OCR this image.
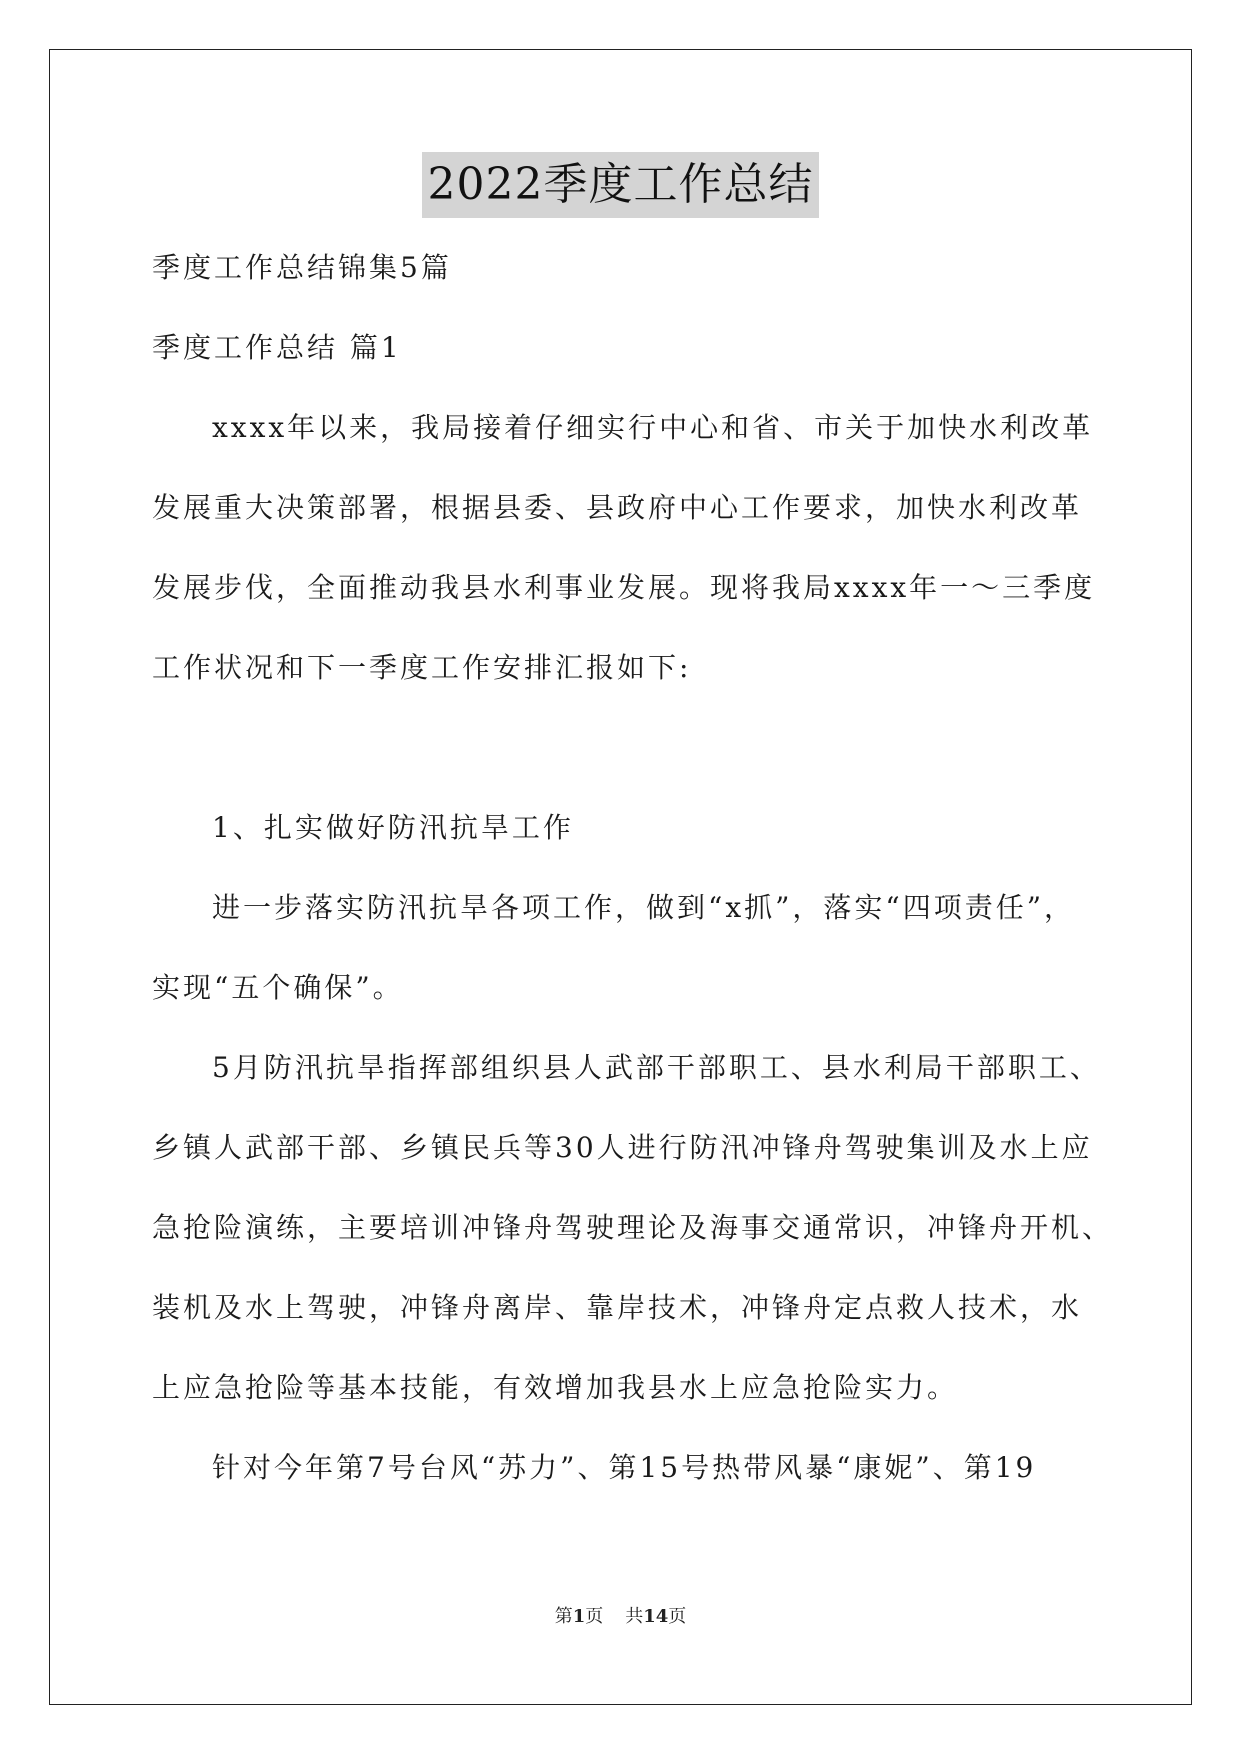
2022季度工作总结
季度工作总结锦集5篇
季度工作总结 篇1
xxxx年以来，我局接着仔细实行中心和省、市关于加快水利改革
发展重大决策部署，根据县委、县政府中心工作要求，加快水利改革
发展步伐，全面推动我县水利事业发展。现将我局xxxx年一～三季度
工作状况和下一季度工作安排汇报如下:
1、扎实做好防汛抗旱工作
进一步落实防汛抗旱各项工作，做到“x抓”，落实“四项责任”，
实现“五个确保”。
5月防汛抗旱指挥部组织县人武部干部职工、县水利局干部职工、
乡镇人武部干部、乡镇民兵等30人进行防汛冲锋舟驾驶集训及水上应
急抢险演练，主要培训冲锋舟驾驶理论及海事交通常识，冲锋舟开机、
装机及水上驾驶，冲锋舟离岸、靠岸技术，冲锋舟定点救人技术，水
上应急抢险等基本技能，有效增加我县水上应急抢险实力。
针对今年第7号台风“苏力”、第15号热带风暴“康妮”、第19
第1页 共14页
